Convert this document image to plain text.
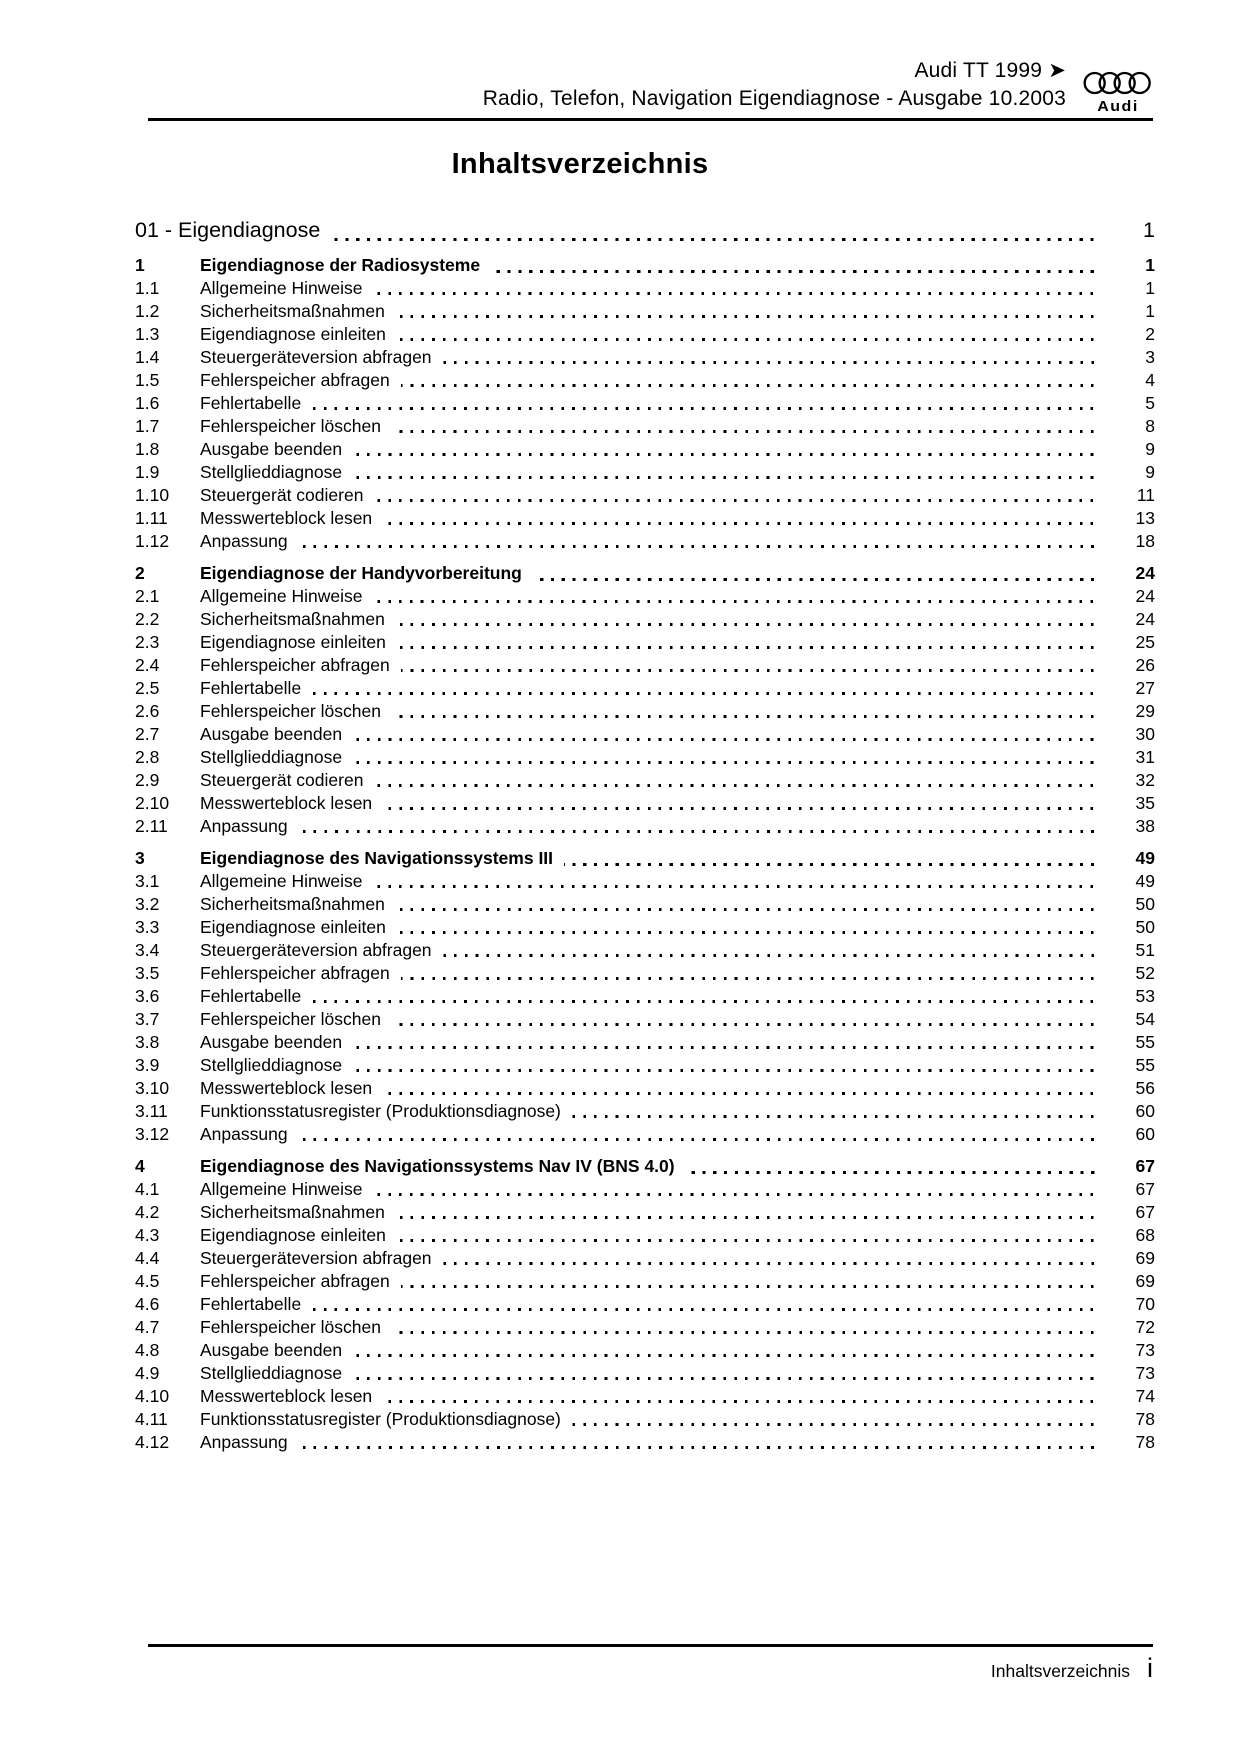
Audi TT 1999 ➤
Radio, Telefon, Navigation Eigendiagnose - Ausgabe 10.2003	Audi
Inhaltsverzeichnis
01 - Eigendiagnose	1
1	Eigendiagnose der Radiosysteme	1
1.1	Allgemeine Hinweise	1
1.2	Sicherheitsmaßnahmen	1
1.3	Eigendiagnose einleiten	2
1.4	Steuergeräteversion abfragen	3
1.5	Fehlerspeicher abfragen	4
1.6	Fehlertabelle	5
1.7	Fehlerspeicher löschen	8
1.8	Ausgabe beenden	9
1.9	Stellglieddiagnose	9
1.10	Steuergerät codieren	11
1.11	Messwerteblock lesen	13
1.12	Anpassung	18
2	Eigendiagnose der Handyvorbereitung	24
2.1	Allgemeine Hinweise	24
2.2	Sicherheitsmaßnahmen	24
2.3	Eigendiagnose einleiten	25
2.4	Fehlerspeicher abfragen	26
2.5	Fehlertabelle	27
2.6	Fehlerspeicher löschen	29
2.7	Ausgabe beenden	30
2.8	Stellglieddiagnose	31
2.9	Steuergerät codieren	32
2.10	Messwerteblock lesen	35
2.11	Anpassung	38
3	Eigendiagnose des Navigationssystems III	49
3.1	Allgemeine Hinweise	49
3.2	Sicherheitsmaßnahmen	50
3.3	Eigendiagnose einleiten	50
3.4	Steuergeräteversion abfragen	51
3.5	Fehlerspeicher abfragen	52
3.6	Fehlertabelle	53
3.7	Fehlerspeicher löschen	54
3.8	Ausgabe beenden	55
3.9	Stellglieddiagnose	55
3.10	Messwerteblock lesen	56
3.11	Funktionsstatusregister (Produktionsdiagnose)	60
3.12	Anpassung	60
4	Eigendiagnose des Navigationssystems Nav IV (BNS 4.0)	67
4.1	Allgemeine Hinweise	67
4.2	Sicherheitsmaßnahmen	67
4.3	Eigendiagnose einleiten	68
4.4	Steuergeräteversion abfragen	69
4.5	Fehlerspeicher abfragen	69
4.6	Fehlertabelle	70
4.7	Fehlerspeicher löschen	72
4.8	Ausgabe beenden	73
4.9	Stellglieddiagnose	73
4.10	Messwerteblock lesen	74
4.11	Funktionsstatusregister (Produktionsdiagnose)	78
4.12	Anpassung	78
Inhaltsverzeichnis i
